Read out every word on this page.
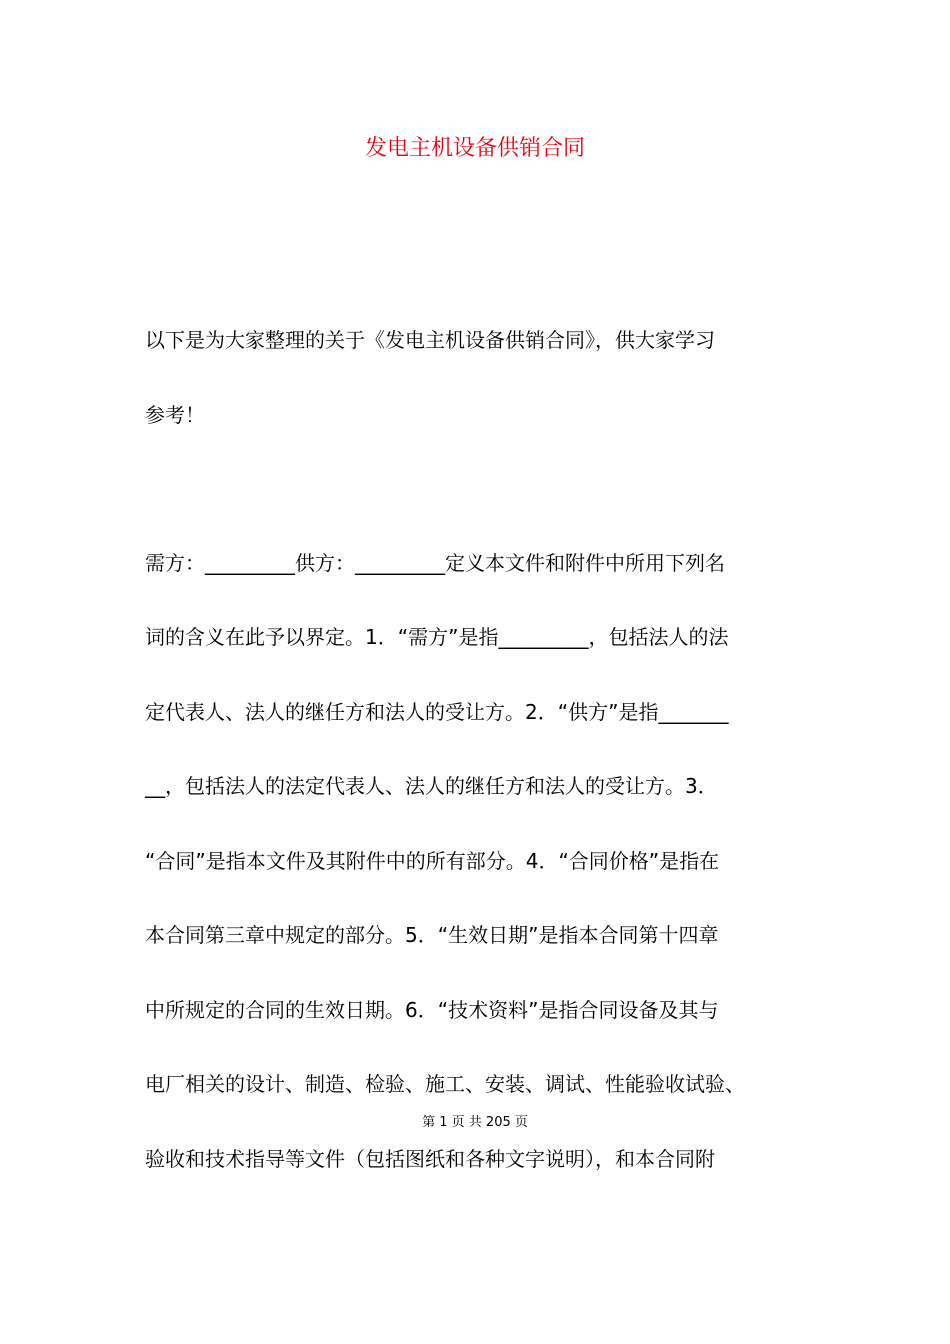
发电主机设备供销合同
以下是为大家整理的关于《发电主机设备供销合同》，供大家学习
参考！
需方：_________供方：_________定义本文件和附件中所用下列名
词的含义在此予以界定。1．“需方”是指_________，包括法人的法
定代表人、法人的继任方和法人的受让方。2．“供方”是指_______
__，包括法人的法定代表人、法人的继任方和法人的受让方。3．
“合同”是指本文件及其附件中的所有部分。4．“合同价格”是指在
本合同第三章中规定的部分。5．“生效日期”是指本合同第十四章
中所规定的合同的生效日期。6．“技术资料”是指合同设备及其与
电厂相关的设计、制造、检验、施工、安装、调试、性能验收试验、
第 1 页 共 205 页
验收和技术指导等文件（包括图纸和各种文字说明），和本合同附
